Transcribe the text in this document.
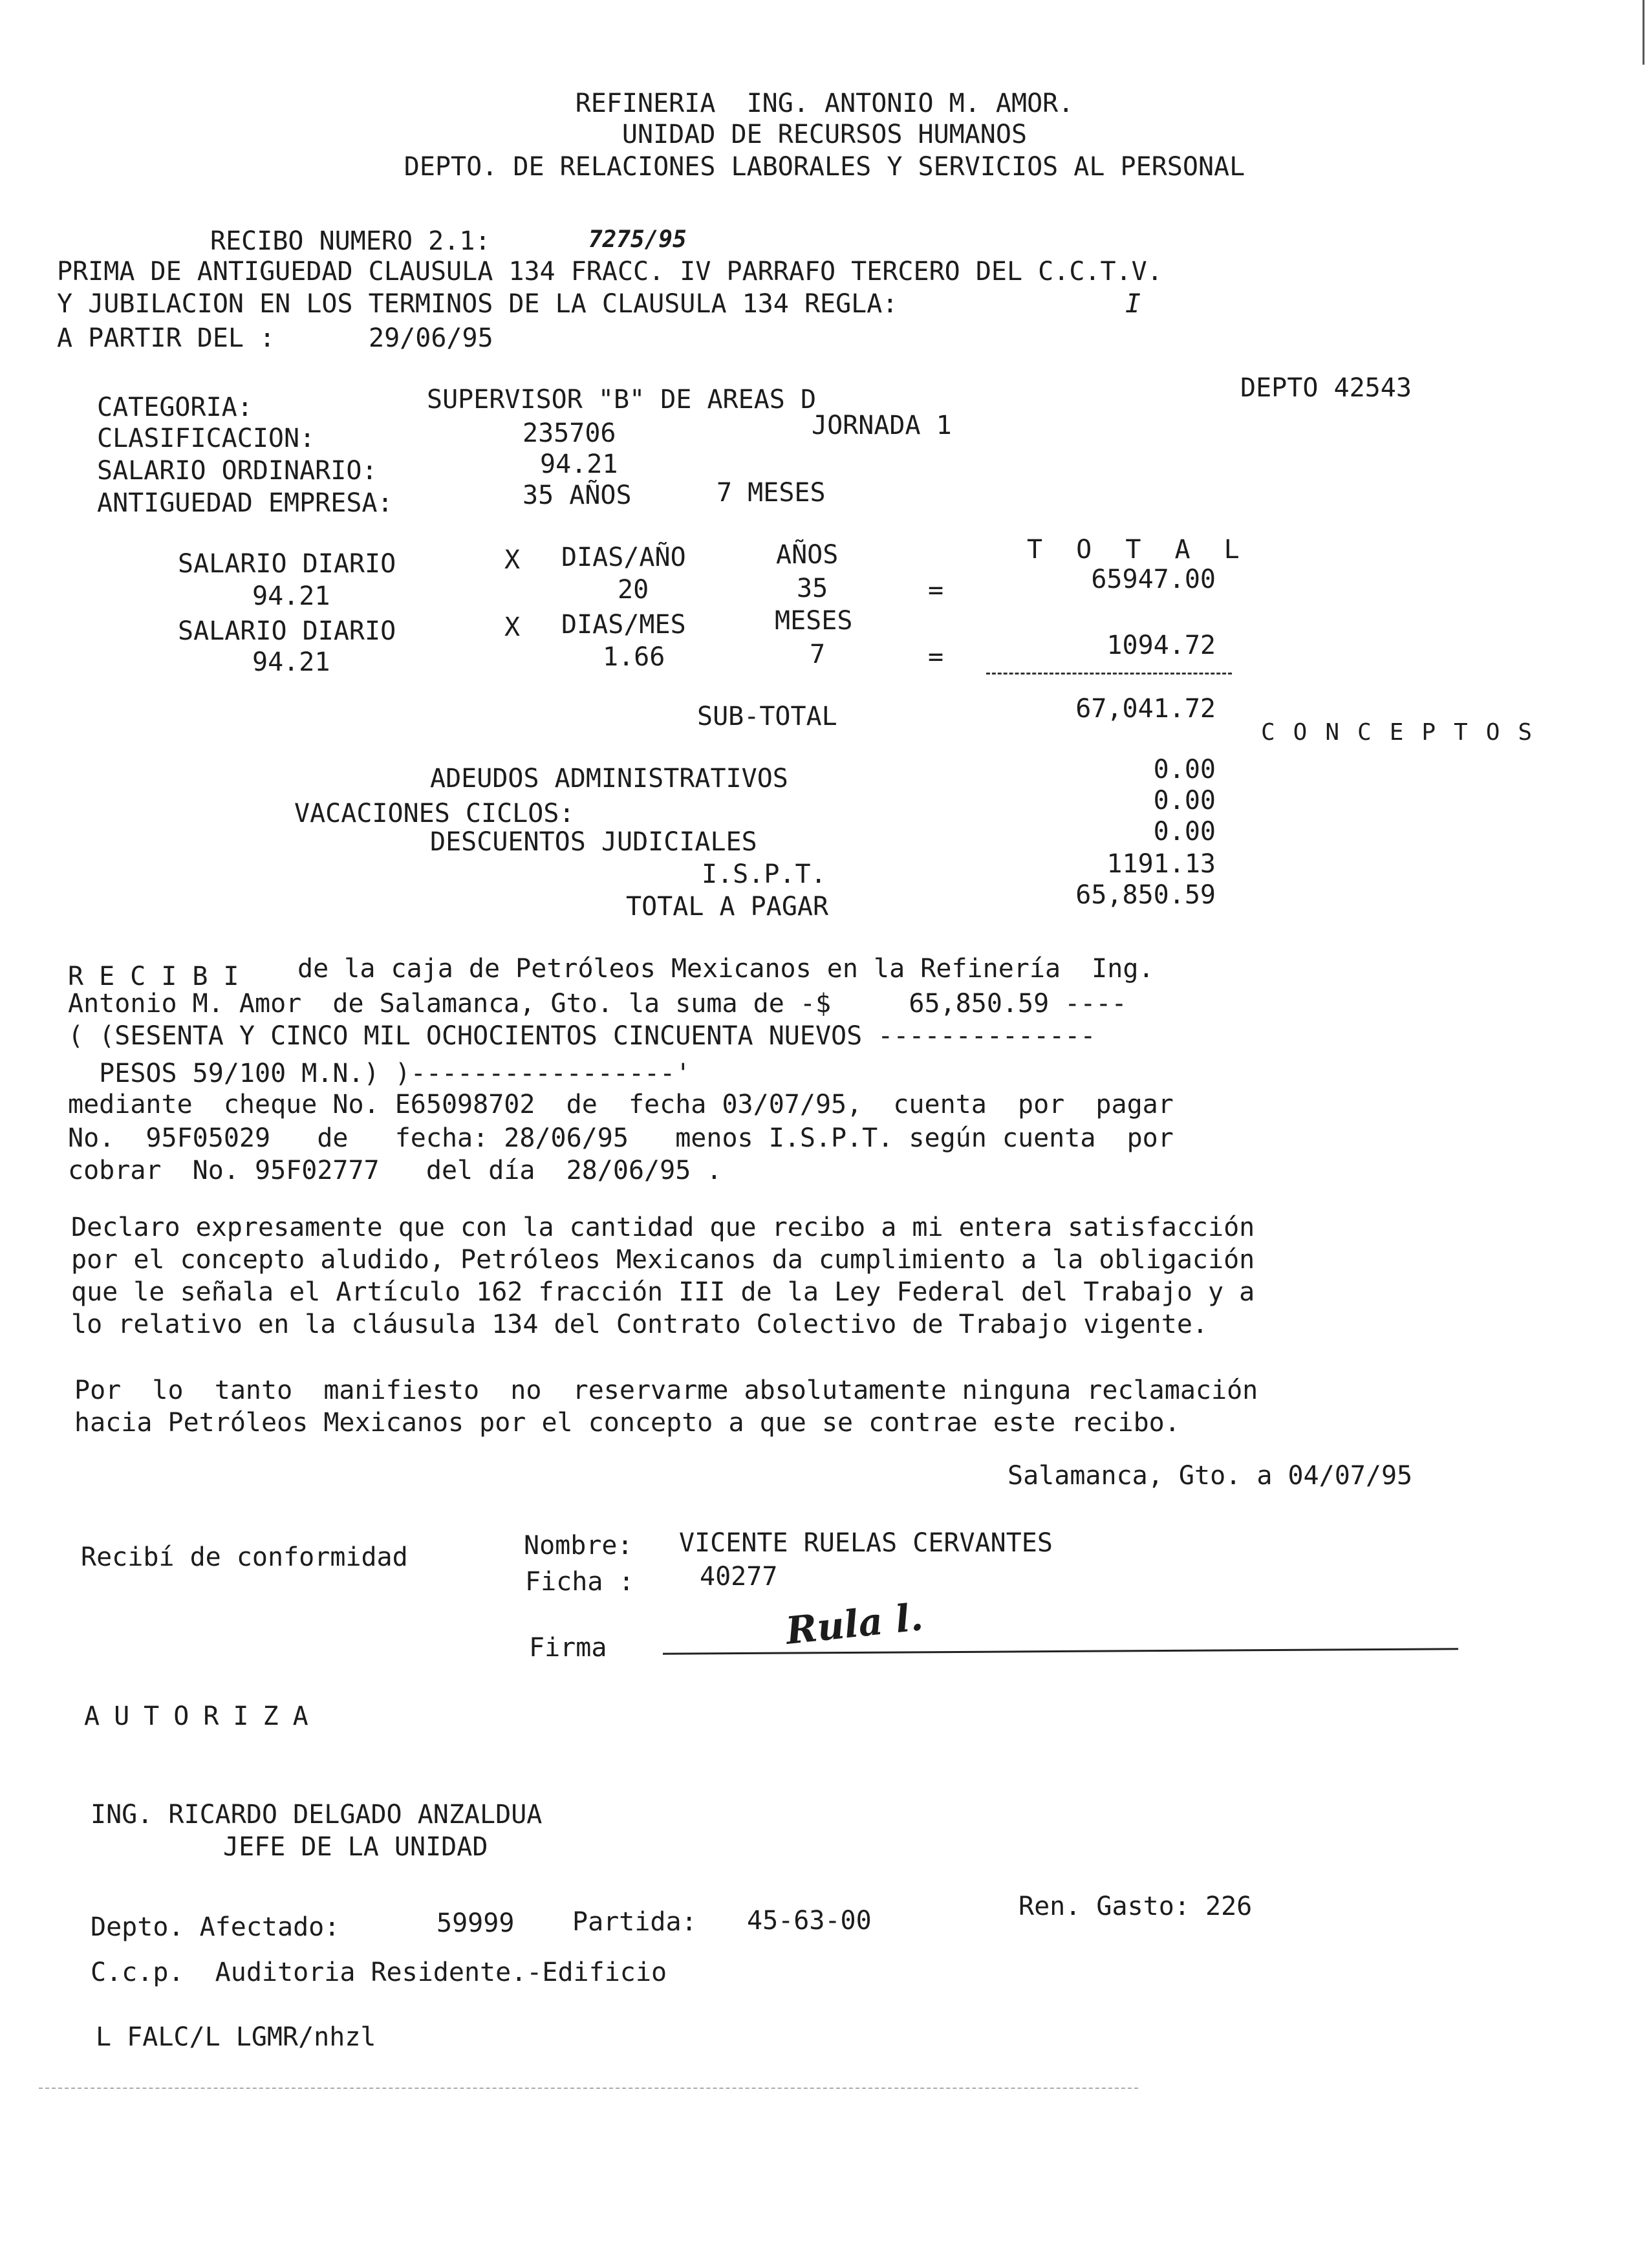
REFINERIA  ING. ANTONIO M. AMOR.
UNIDAD DE RECURSOS HUMANOS
DEPTO. DE RELACIONES LABORALES Y SERVICIOS AL PERSONAL
RECIBO NUMERO 2.1:	7275/95
PRIMA DE ANTIGUEDAD CLAUSULA 134 FRACC. IV PARRAFO TERCERO DEL C.C.T.V.
Y JUBILACION EN LOS TERMINOS DE LA CLAUSULA 134 REGLA:	I
A PARTIR DEL :	29/06/95
CATEGORIA:	SUPERVISOR "B" DE AREAS D	DEPTO 42543
CLASIFICACION:	235706	JORNADA 1
SALARIO ORDINARIO:	94.21
ANTIGUEDAD EMPRESA:	35 AÑOS	7 MESES
SALARIO DIARIO	X DIAS/AÑO	AÑOS	T O T A L
94.21	20	35	=	65947.00
SALARIO DIARIO	X DIAS/MES	MESES
94.21	1.66	7	=	1094.72
SUB-TOTAL	67,041.72
CONCEPTOS
ADEUDOS ADMINISTRATIVOS	0.00
VACACIONES CICLOS:	0.00
DESCUENTOS JUDICIALES	0.00
I.S.P.T.	1191.13
TOTAL A PAGAR	65,850.59
RECIBI de la caja de Petróleos Mexicanos en la Refinería  Ing.
Antonio M. Amor  de Salamanca, Gto. la suma de -$     65,850.59 ----
( (SESENTA Y CINCO MIL OCHOCIENTOS CINCUENTA NUEVOS --------------
PESOS 59/100 M.N.) )-----------------'
mediante  cheque No. E65098702  de  fecha 03/07/95,  cuenta  por  pagar
No.  95F05029   de   fecha: 28/06/95   menos I.S.P.T. según cuenta  por
cobrar  No. 95F02777   del día  28/06/95 .
Declaro expresamente que con la cantidad que recibo a mi entera satisfacción
por el concepto aludido, Petróleos Mexicanos da cumplimiento a la obligación
que le señala el Artículo 162 fracción III de la Ley Federal del Trabajo y a
lo relativo en la cláusula 134 del Contrato Colectivo de Trabajo vigente.
Por  lo  tanto  manifiesto  no  reservarme absolutamente ninguna reclamación
hacia Petróleos Mexicanos por el concepto a que se contrae este recibo.
Salamanca, Gto. a 04/07/95
Recibí de conformidad	Nombre: VICENTE RUELAS CERVANTES
Ficha :	40277
Firma	Rula l.
AUTORIZA
ING. RICARDO DELGADO ANZALDUA
JEFE DE LA UNIDAD
Depto. Afectado:	59999 Partida: 45-63-00	Ren. Gasto: 226
C.c.p.  Auditoria Residente.-Edificio
L FALC/L LGMR/nhzl
